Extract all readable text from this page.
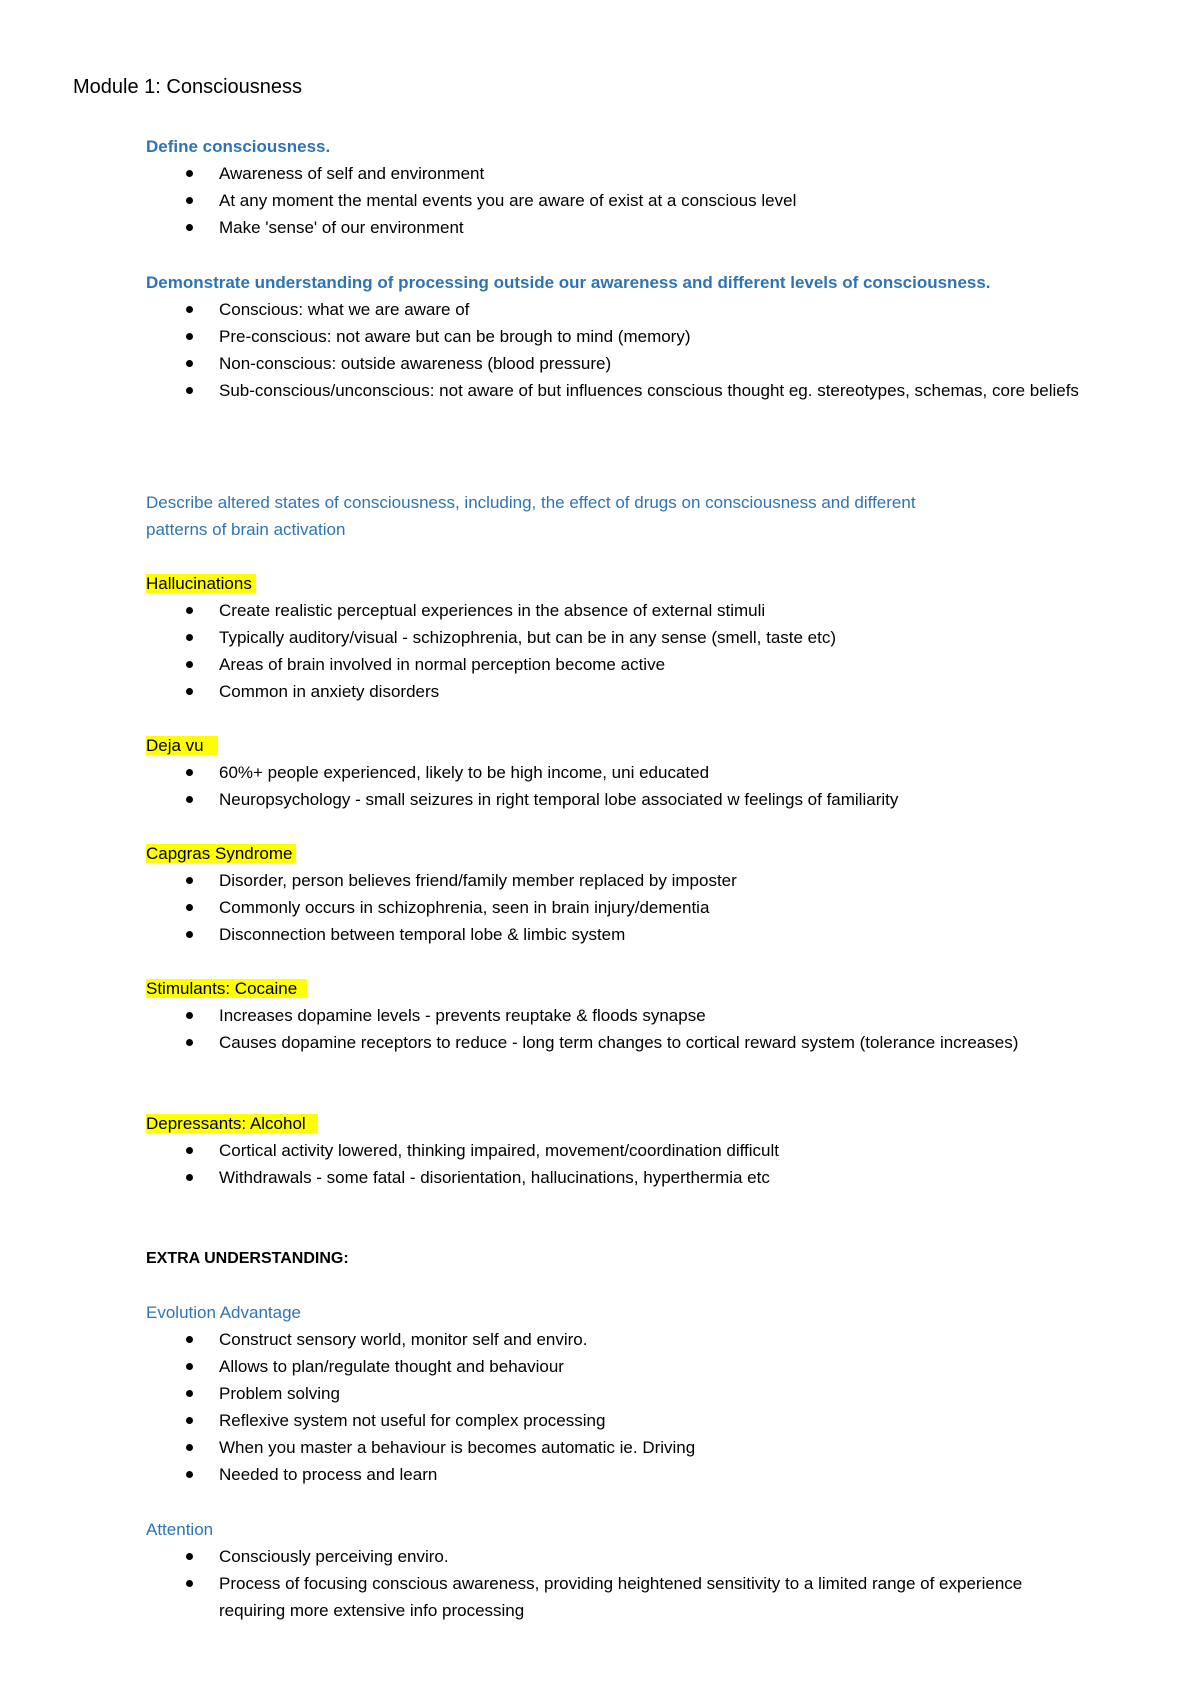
Module 1: Consciousness
Define consciousness.
Awareness of self and environment
At any moment the mental events you are aware of exist at a conscious level
Make 'sense' of our environment
Demonstrate understanding of processing outside our awareness and different levels of consciousness.
Conscious: what we are aware of
Pre-conscious: not aware but can be brough to mind (memory)
Non-conscious: outside awareness (blood pressure)
Sub-conscious/unconscious: not aware of but influences conscious thought eg. stereotypes, schemas, core beliefs
Describe altered states of consciousness, including, the effect of drugs on consciousness and different
patterns of brain activation
Hallucinations
Create realistic perceptual experiences in the absence of external stimuli
Typically auditory/visual - schizophrenia, but can be in any sense (smell, taste etc)
Areas of brain involved in normal perception become active
Common in anxiety disorders
Deja vu
60%+ people experienced, likely to be high income, uni educated
Neuropsychology - small seizures in right temporal lobe associated w feelings of familiarity
Capgras Syndrome
Disorder, person believes friend/family member replaced by imposter
Commonly occurs in schizophrenia, seen in brain injury/dementia
Disconnection between temporal lobe & limbic system
Stimulants: Cocaine
Increases dopamine levels - prevents reuptake & floods synapse
Causes dopamine receptors to reduce - long term changes to cortical reward system (tolerance increases)
Depressants: Alcohol
Cortical activity lowered, thinking impaired, movement/coordination difficult
Withdrawals - some fatal - disorientation, hallucinations, hyperthermia etc
EXTRA UNDERSTANDING:
Evolution Advantage
Construct sensory world, monitor self and enviro.
Allows to plan/regulate thought and behaviour
Problem solving
Reflexive system not useful for complex processing
When you master a behaviour is becomes automatic ie. Driving
Needed to process and learn
Attention
Consciously perceiving enviro.
Process of focusing conscious awareness, providing heightened sensitivity to a limited range of experience requiring more extensive info processing
